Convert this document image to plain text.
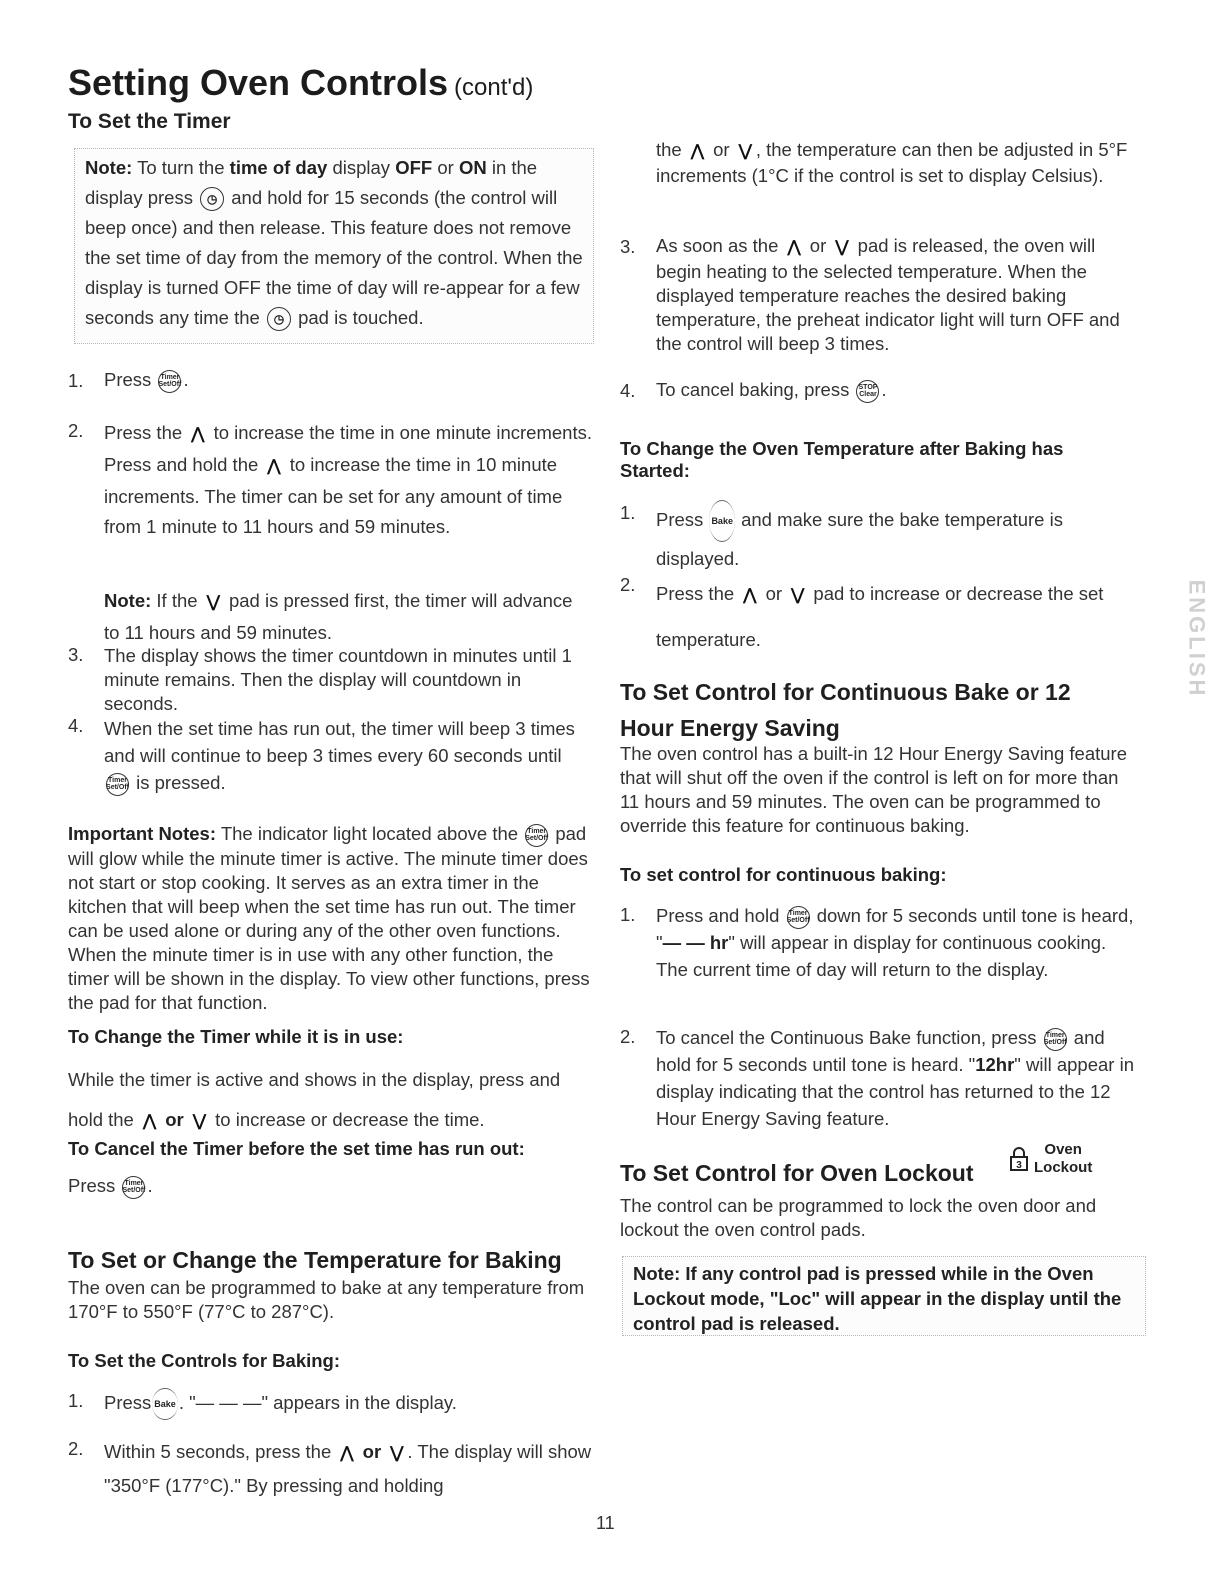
Setting Oven Controls (cont'd)
To Set the Timer
Note: To turn the time of day display OFF or ON in the display press ◷ and hold for 15 seconds (the control will beep once) and then release. This feature does not remove the set time of day from the memory of the control. When the display is turned OFF the time of day will re-appear for a few seconds any time the ◷ pad is touched.
1. Press Timer
Set/Off .
2. Press the ⋀ to increase the time in one minute increments. Press and hold the ⋀ to increase the time in 10 minute increments. The timer can be set for any amount of time from 1 minute to 11 hours and 59 minutes.
Note: If the ⋁ pad is pressed first, the timer will advance to 11 hours and 59 minutes.
3. The display shows the timer countdown in minutes until 1 minute remains. Then the display will countdown in seconds.
4. When the set time has run out, the timer will beep 3 times and will continue to beep 3 times every 60 seconds until
Timer
Set/Off is pressed.
Important Notes: The indicator light located above the Timer
Set/Off pad will glow while the minute timer is active. The minute timer does not start or stop cooking. It serves as an extra timer in the kitchen that will beep when the set time has run out. The timer can be used alone or during any of the other oven functions. When the minute timer is in use with any other function, the timer will be shown in the display. To view other functions, press the pad for that function.
To Change the Timer while it is in use:
While the timer is active and shows in the display, press and hold the ⋀ or ⋁ to increase or decrease the time.
To Cancel the Timer before the set time has run out:
Press Timer
Set/Off .
To Set or Change the Temperature for Baking
The oven can be programmed to bake at any temperature from 170°F to 550°F (77°C to 287°C).
To Set the Controls for Baking:
1. Press Bake . "— — —" appears in the display.
2. Within 5 seconds, press the ⋀ or ⋁ . The display will show "350°F (177°C)." By pressing and holding
the ⋀ or ⋁ , the temperature can then be adjusted in 5°F increments (1°C if the control is set to display Celsius).
3. As soon as the ⋀ or ⋁ pad is released, the oven will begin heating to the selected temperature. When the displayed temperature reaches the desired baking temperature, the preheat indicator light will turn OFF and the control will beep 3 times.
4. To cancel baking, press STOP
Clear .
To Change the Oven Temperature after Baking has Started:
1. Press Bake and make sure the bake temperature is displayed.
2. Press the ⋀ or ⋁ pad to increase or decrease the set temperature.
To Set Control for Continuous Bake or 12 Hour Energy Saving
The oven control has a built-in 12 Hour Energy Saving feature that will shut off the oven if the control is left on for more than 11 hours and 59 minutes. The oven can be programmed to override this feature for continuous baking.
To set control for continuous baking:
1. Press and hold Timer
Set/Off down for 5 seconds until tone is heard, "— — hr" will appear in display for continuous cooking. The current time of day will return to the display.
2. To cancel the Continuous Bake function, press Timer
Set/Off and hold for 5 seconds until tone is heard. "12hr" will appear in display indicating that the control has returned to the 12 Hour Energy Saving feature.
To Set Control for Oven Lockout	3
Oven
Lockout
The control can be programmed to lock the oven door and lockout the oven control pads.
Note: If any control pad is pressed while in the Oven Lockout mode, "Loc" will appear in the display until the control pad is released.
ENGLISH
11
